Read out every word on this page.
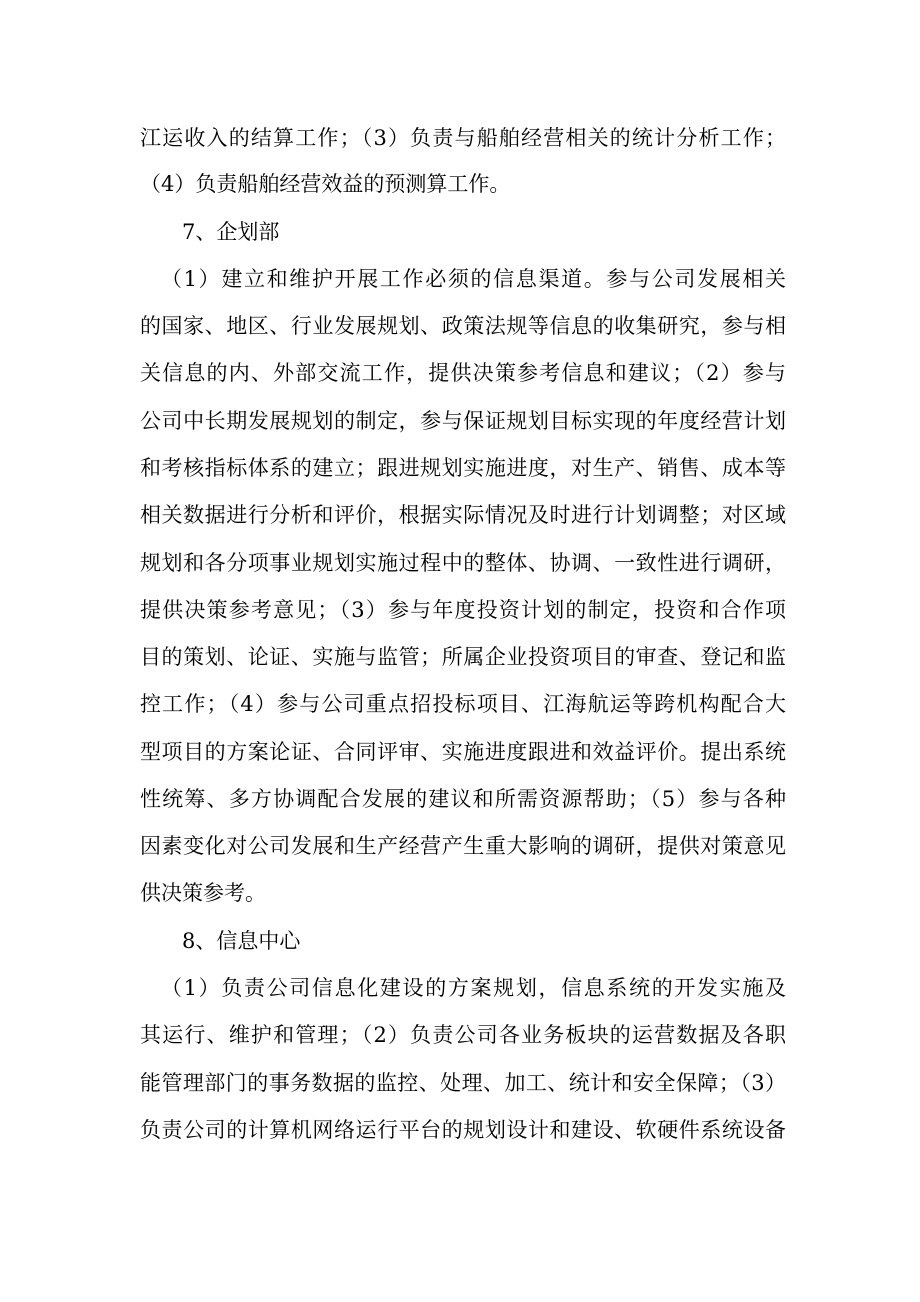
江运收入的结算工作；（3）负责与船舶经营相关的统计分析工作；
（4）负责船舶经营效益的预测算工作。
7、企划部
（1）建立和维护开展工作必须的信息渠道。参与公司发展相关
的国家、地区、行业发展规划、政策法规等信息的收集研究，参与相
关信息的内、外部交流工作，提供决策参考信息和建议；（2）参与
公司中长期发展规划的制定，参与保证规划目标实现的年度经营计划
和考核指标体系的建立；跟进规划实施进度，对生产、销售、成本等
相关数据进行分析和评价，根据实际情况及时进行计划调整；对区域
规划和各分项事业规划实施过程中的整体、协调、一致性进行调研，
提供决策参考意见；（3）参与年度投资计划的制定，投资和合作项
目的策划、论证、实施与监管；所属企业投资项目的审查、登记和监
控工作；（4）参与公司重点招投标项目、江海航运等跨机构配合大
型项目的方案论证、合同评审、实施进度跟进和效益评价。提出系统
性统筹、多方协调配合发展的建议和所需资源帮助；（5）参与各种
因素变化对公司发展和生产经营产生重大影响的调研，提供对策意见
供决策参考。
8、信息中心
（1）负责公司信息化建设的方案规划，信息系统的开发实施及
其运行、维护和管理；（2）负责公司各业务板块的运营数据及各职
能管理部门的事务数据的监控、处理、加工、统计和安全保障；（3）
负责公司的计算机网络运行平台的规划设计和建设、软硬件系统设备
